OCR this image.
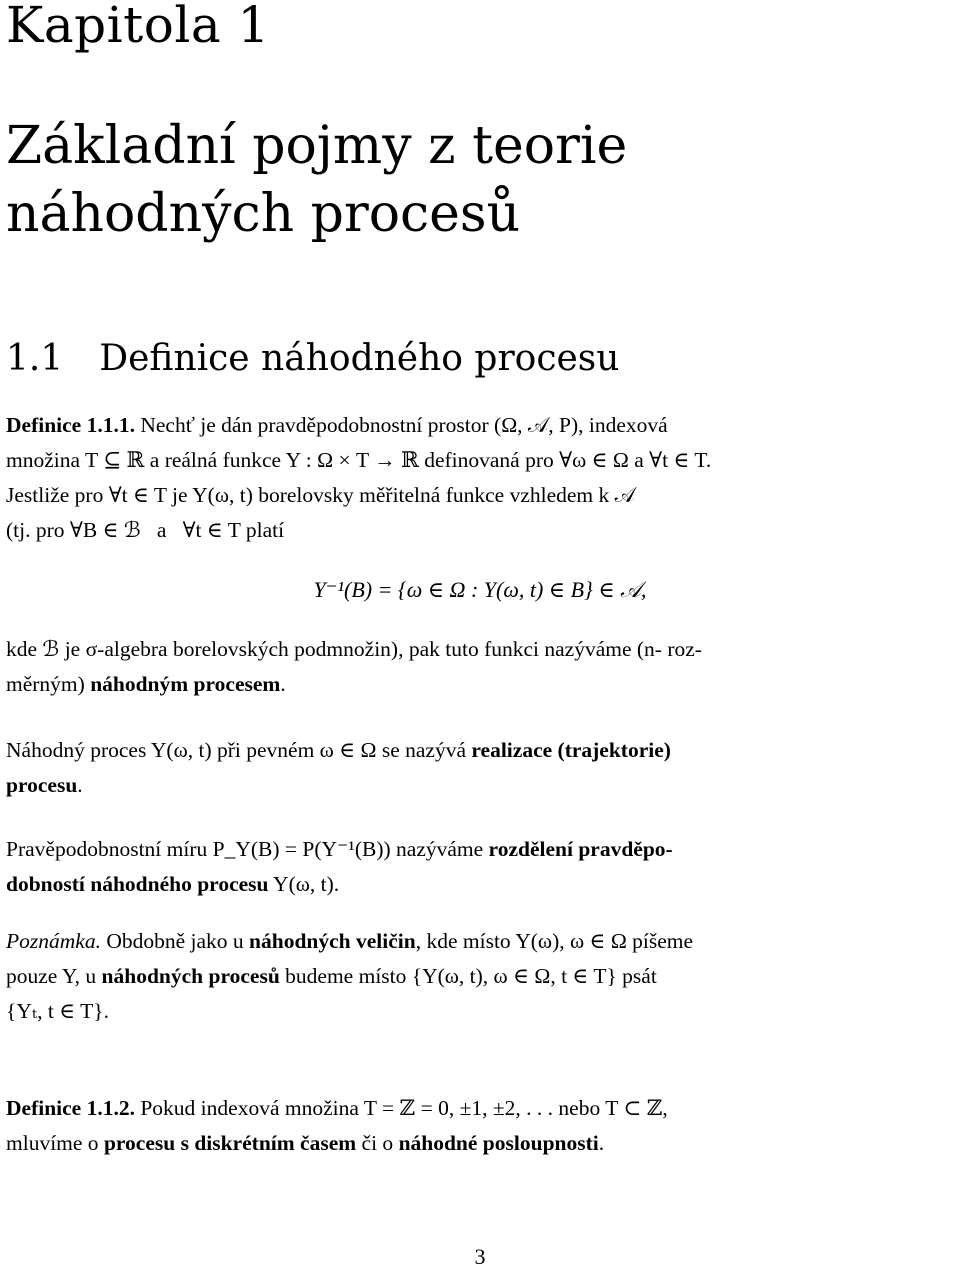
Kapitola 1
Základní pojmy z teorie
náhodných procesů
1.1 Definice náhodného procesu
Definice 1.1.1. Nechť je dán pravděpodobnostní prostor (Ω, 𝒜, P), indexová
množina T ⊆ ℝ a reálná funkce Y : Ω × T → ℝ definovaná pro ∀ω ∈ Ω a ∀t ∈ T.
Jestliže pro ∀t ∈ T je Y(ω, t) borelovsky měřitelná funkce vzhledem k 𝒜
(tj. pro ∀B ∈ ℬ   a   ∀t ∈ T platí
Y⁻¹(B) = {ω ∈ Ω : Y(ω, t) ∈ B} ∈ 𝒜,
kde ℬ je σ-algebra borelovských podmnožin), pak tuto funkci nazýváme (n- roz-
měrným) náhodným procesem.
Náhodný proces Y(ω, t) při pevném ω ∈ Ω se nazývá realizace (trajektorie)
procesu.
Pravěpodobnostní míru P_Y(B) = P(Y⁻¹(B)) nazýváme rozdělení pravděpo-
dobností náhodného procesu Y(ω, t).
Poznámka. Obdobně jako u náhodných veličin, kde místo Y(ω), ω ∈ Ω píšeme
pouze Y, u náhodných procesů budeme místo {Y(ω, t), ω ∈ Ω, t ∈ T} psát
{Yₜ, t ∈ T}.
Definice 1.1.2. Pokud indexová množina T = ℤ = 0, ±1, ±2, . . . nebo T ⊂ ℤ,
mluvíme o procesu s diskrétním časem či o náhodné posloupnosti.
3
